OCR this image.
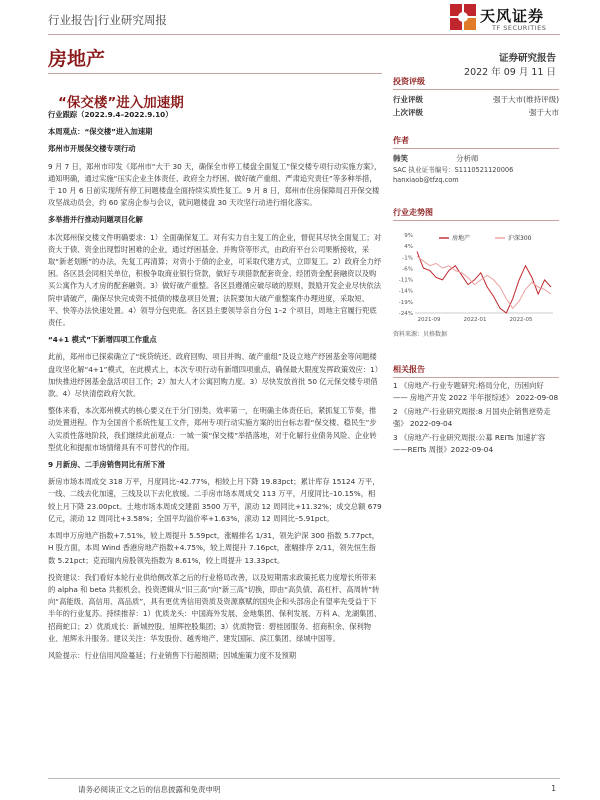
行业报告|行业研究周报	天风证券
TF SECURITIES
房地产	证券研究报告
2022 年 09 月 11 日
“保交楼”进入加速期

行业跟踪（2022.9.4–2022.9.10）

本周观点：“保交楼”进入加速期

郑州市开展保交楼专项行动

9 月 7 日，郑州市印发《郑州市“大干 30 天，确保全市停工楼盘全面复工”保交楼专项行动实施方案》，通知明确，通过实施“压实企业主体责任、政府全力纾困、做好破产重组、严肃追究责任”等多种举措，于 10 月 6 日前实现所有停工问题楼盘全面持续实质性复工。9 月 8 日，郑州市住房保障局召开保交楼攻坚战动员会，约 60 家房企参与会议，就问题楼盘 30 天攻坚行动进行细化落实。

多举措并行推动问题项目化解

本次郑州保交楼文件明确要求：1）全面确保复工。对有实力自主复工的企业，督促其尽快全面复工；对资大于债、资金出现暂时困难的企业，通过纾困基金、并购贷等形式，由政府平台公司果断接收，采取“新老划断”的办法，先复工再清算；对资小于债的企业，可采取代建方式，立即复工。2）政府全力纾困。各区县会同相关单位，积极争取商业银行贷款，做好专项借款配套资金、经团资金配套融资以及购买公寓作为人才房的配套融资。3）做好破产重整。各区县遵循应破尽破的原则，鼓励开发企业尽快依法院申请破产，确保尽快完成资不抵债的楼盘项目处置；法院要加大破产重整案件办理进度，采取短、平、快等办法快速处置。4）领导分包兜底。各区县主要领导亲自分包 1–2 个项目，周地主官履行兜底责任。

“4+1 模式”下新增四项工作重点

此前，郑州市已探索确立了“统贷统还、政府回购、项目并购、破产重组”及设立地产纾困基金等问题楼盘攻坚化解“4+1”模式，在此模式上，本次专项行动有新增四项重点，确保最大限度发挥政策效应：1）加快推进纾困基金盘活项目工作；2）加大人才公寓回购力度。3）尽快发放首批 50 亿元保交楼专项借款。4）尽快清偿政府欠款。

整体来看，本次郑州模式的核心要义在于分门别类、效率第一，在明确主体责任后，紧抓复工节奏，推动处置进程。作为全国首个系统性复工文件，郑州专项行动实施方案的出台标志着“保交楼、稳民生”步入实质性落地阶段，我们继续此前观点：一城一策“保交楼”举措落地，对于化解行业债务风险、企业转型优化和提振市场情绪具有不可替代的作用。

9 月新房、二手房销售同比有所下滑

新房市场本周成交 318 万平，月度同比–42.77%，相较上月下降 19.83pct；累计库存 15124 万平，一线、二线去化加速，三线及以下去化放缓。二手房市场本周成交 113 万平，月度同比–10.15%，相较上月下降 23.00pct。土地市场本周成交建面 3500 万平，滚动 12 周同比+11.32%；成交总额 679 亿元，滚动 12 周同比+3.58%；全国平均溢价率+1.63%，滚动 12 周同比–5.91pct。

本周申万房地产指数+7.51%，较上周提升 5.59pct，涨幅排名 1/31，领先沪深 300 指数 5.77pct，H 股方面，本周 Wind 香港房地产指数+4.75%，较上周提升 7.16pct，涨幅排序 2/11，领先恒生指数 5.21pct；克而瑞内房股领先指数为 8.61%，较上周提升 13.33pct。

投资建议：我们看好本轮行业供给侧改革之后的行业格局改善，以及短期需求政策托底力度增长所带来的 alpha 和 beta 共振机会。投资逻辑从“旧三高”向“新三高”切换，即由“高负债、高杠杆、高周转”转向“高能级、高信用、高品质”，具有更优秀信用资质及资源禀赋的国央企和头部房企有望率先受益于下半年的行业复苏。持续推荐：1）优质龙头：中国海外发展、金地集团、保利发展、万科 A、龙湖集团、招商蛇口；2）优质成长：新城控股、旭辉控股集团；3）优质物管：碧桂园服务、招商积余、保利物业、旭辉永升服务。建议关注：华发股份、越秀地产、建发国际、滨江集团、绿城中国等。

风险提示：行业信用风险蔓延；行业销售下行超预期；因城施策力度不及预期

投资评级
行业评级	强于大市(维持评级)
上次评级	强于大市
作者
韩笑	分析师
SAC 执业证书编号：S1110521120006
hanxiaob@tfzq.com
行业走势图
9%
4%
-1%
-6%
-11%
-14%
-19%
-24%
2021-09	2022-01	2022-05
房地产	沪深300
资料来源：贝格数据
相关报告
1 《房地产-行业专题研究:格局分化，历困向好 —— 房地产开发 2022 半年报综述》 2022-09-08
2 《房地产-行业研究周报:8 月国央企销售逆势走强》 2022-09-04
3 《房地产-行业研究周报:公募 REITs 加速扩容——REITs 周报》2022-09-04
请务必阅读正文之后的信息披露和免责申明	1
